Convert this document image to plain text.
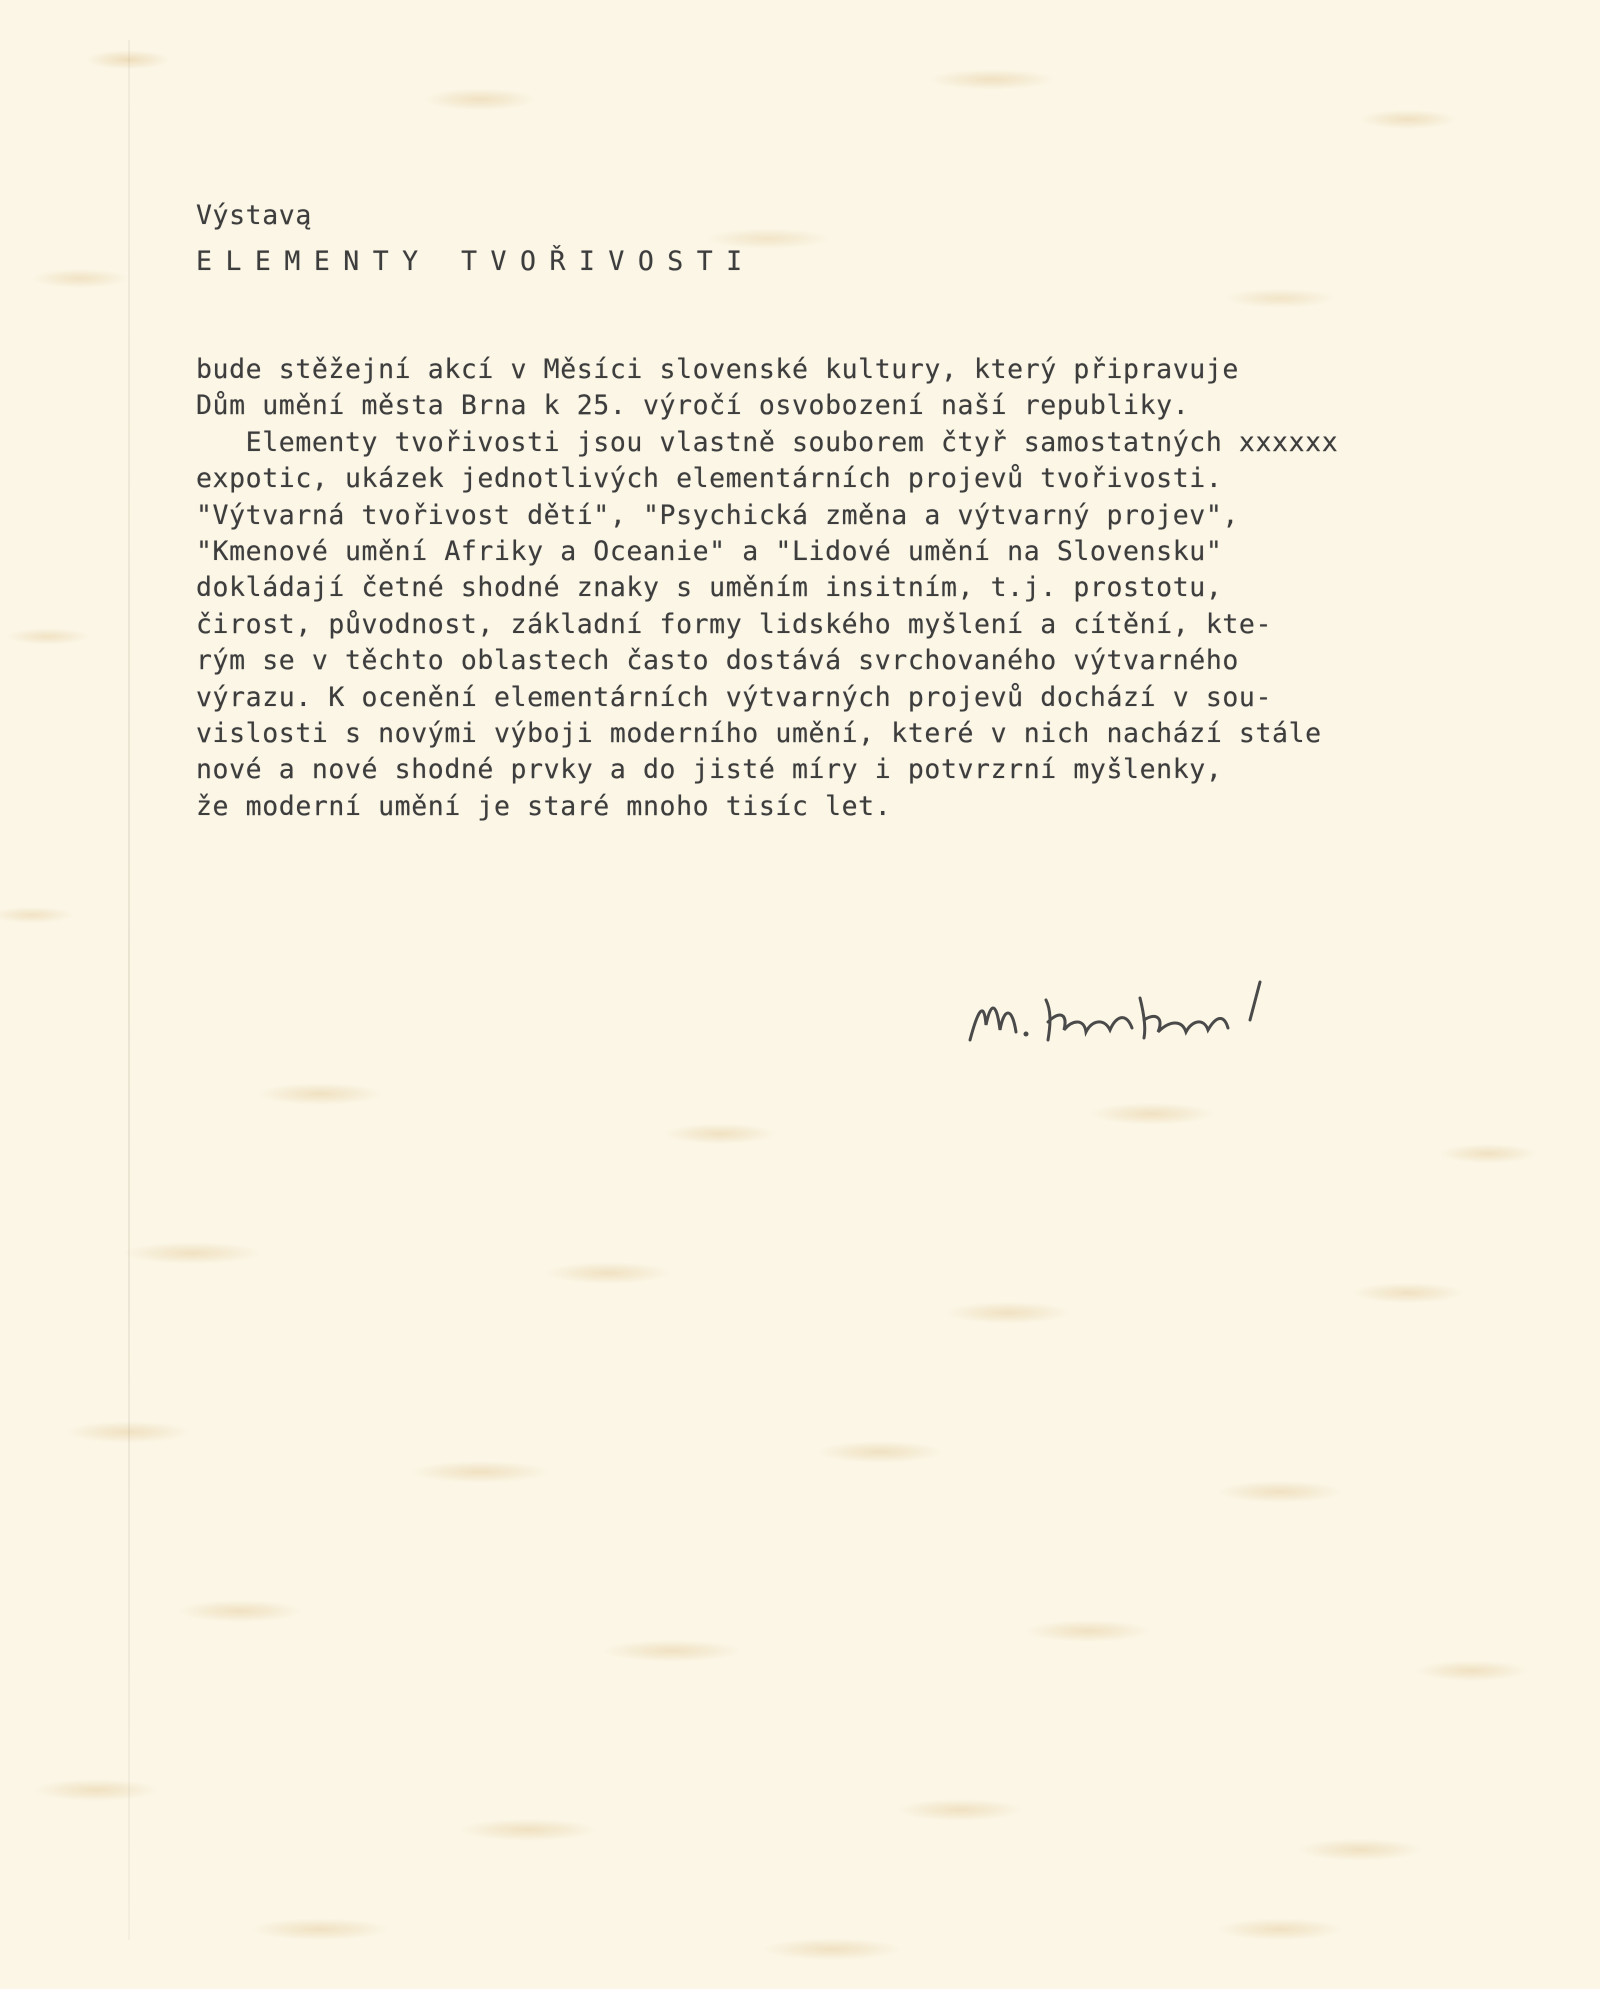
Výstavą

ELEMENTY TVOŘIVOSTI

bude stěžejní akcí v Měsíci slovenské kultury, který připravuje
Dům umění města Brna k 25. výročí osvobození naší republiky.
Elementy tvořivosti jsou vlastně souborem čtyř samostatných xxxxxx
expotic, ukázek jednotlivých elementárních projevů tvořivosti.
"Výtvarná tvořivost dětí", "Psychická změna a výtvarný projev",
"Kmenové umění Afriky a Oceanie" a "Lidové umění na Slovensku"
dokládají četné shodné znaky s uměním insitním, t.j. prostotu,
čirost, původnost, základní formy lidského myšlení a cítění, kte-
rým se v těchto oblastech často dostává svrchovaného výtvarného
výrazu. K ocenění elementárních výtvarných projevů dochází v sou-
vislosti s novými výboji moderního umění, které v nich nachází stále
nové a nové shodné prvky a do jisté míry i potvrzrní myšlenky,
že moderní umění je staré mnoho tisíc let.
